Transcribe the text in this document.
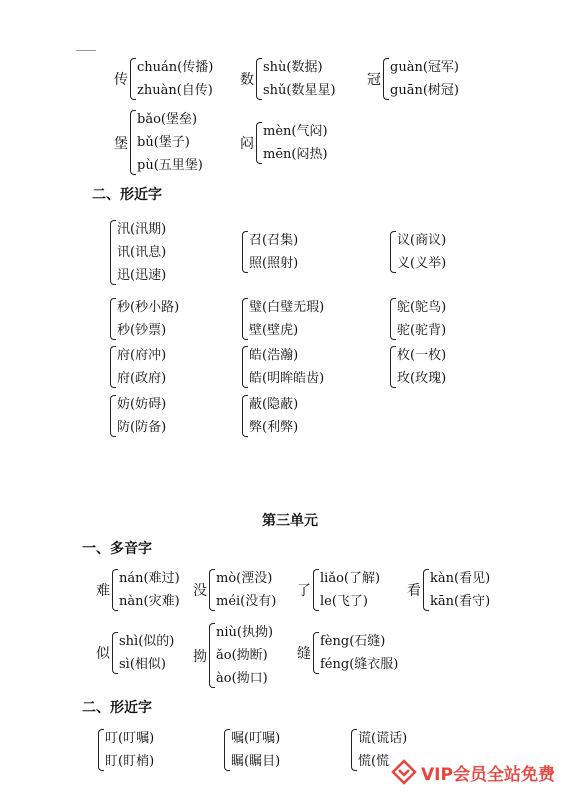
传
chuán(传播)
zhuàn(自传)
数
shù(数据)
shǔ(数星星)
冠
guàn(冠军)
guān(树冠)
堡
bǎo(堡垒)
bǔ(堡子)
pù(五里堡)
闷
mèn(气闷)
mēn(闷热)
二、形近字
汛(汛期)
讯(讯息)
迅(迅速)
召(召集)
照(照射)
议(商议)
义(义举)
秒(秒小路)
秒(钞票)
璧(白璧无瑕)
壁(壁虎)
鸵(鸵鸟)
驼(驼背)
府(府冲)
府(政府)
皓(浩瀚)
皓(明眸皓齿)
枚(一枚)
玫(玫瑰)
妨(妨碍)
防(防备)
蔽(隐蔽)
弊(利弊)
第三单元
一、多音字
难
nán(难过)
nàn(灾难)
没
mò(湮没)
méi(没有)
了
liǎo(了解)
le(飞了)
看
kàn(看见)
kān(看守)
似
shì(似的)
sì(相似)	拗
niù(执拗)
ǎo(拗断)
ào(拗口)
缝
fèng(石缝)
féng(缝衣服)
二、形近字
叮(叮嘱)
盯(盯梢)
嘱(叮嘱)
瞩(瞩目)
谎(谎话)
慌(慌
VIP会员全站免费
